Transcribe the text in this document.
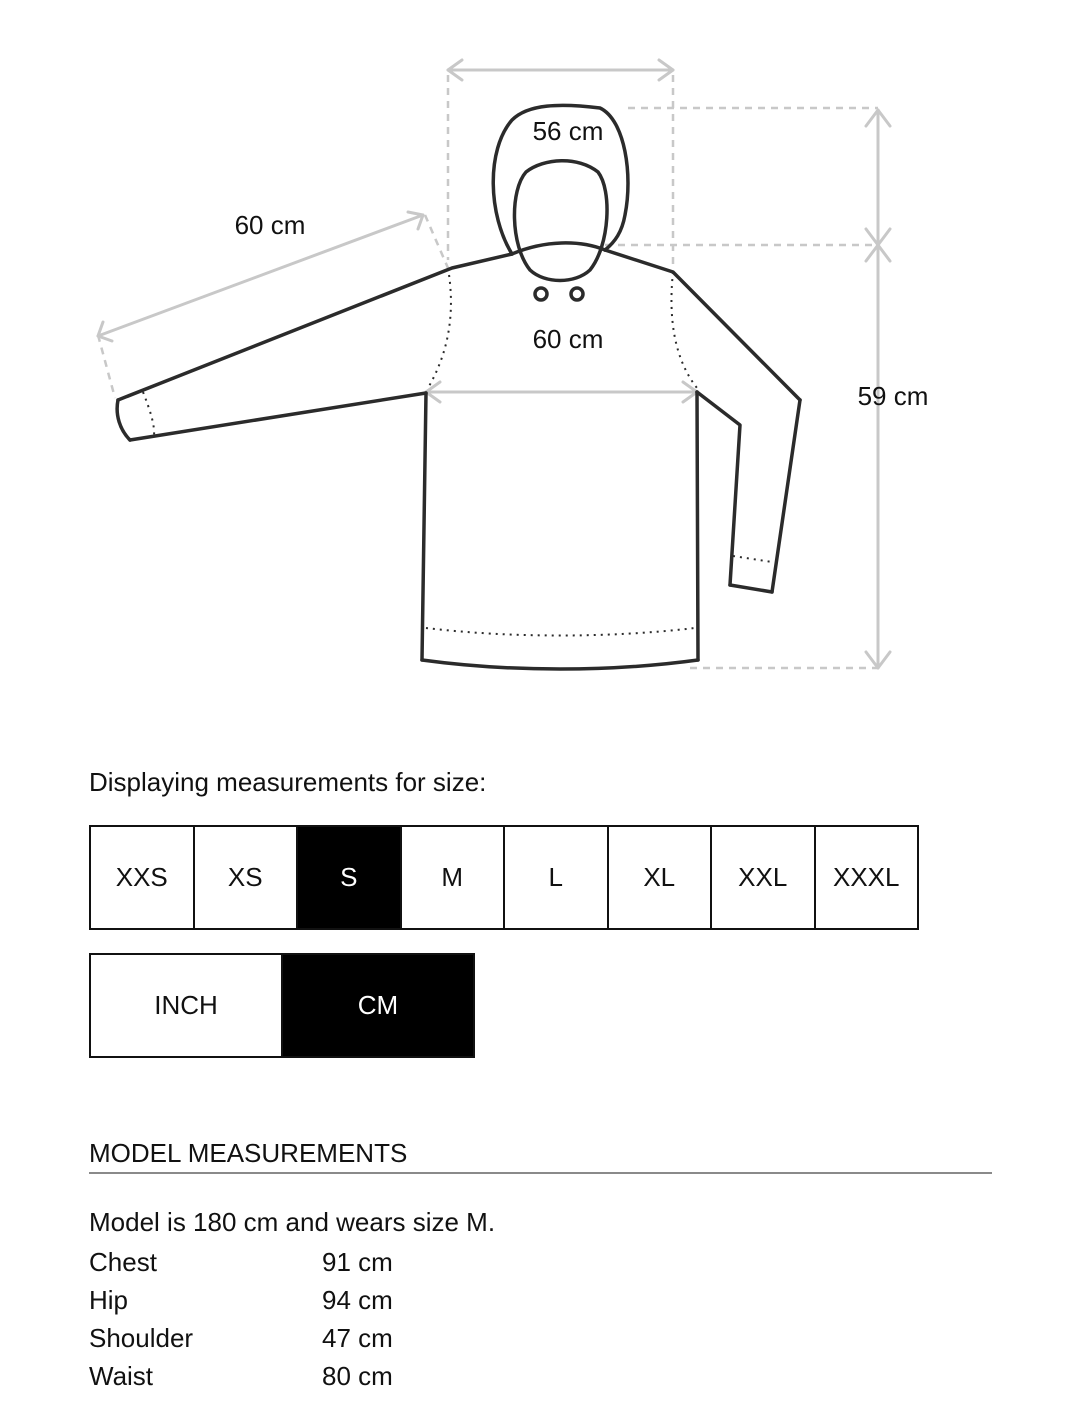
56 cm
60 cm
60 cm
59 cm
Displaying measurements for size:
XXS	XS	S	M	L	XL	XXL	XXXL
INCH	CM
MODEL MEASUREMENTS
Model is 180 cm and wears size M.
Chest	91 cm
Hip	94 cm
Shoulder	47 cm
Waist	80 cm
